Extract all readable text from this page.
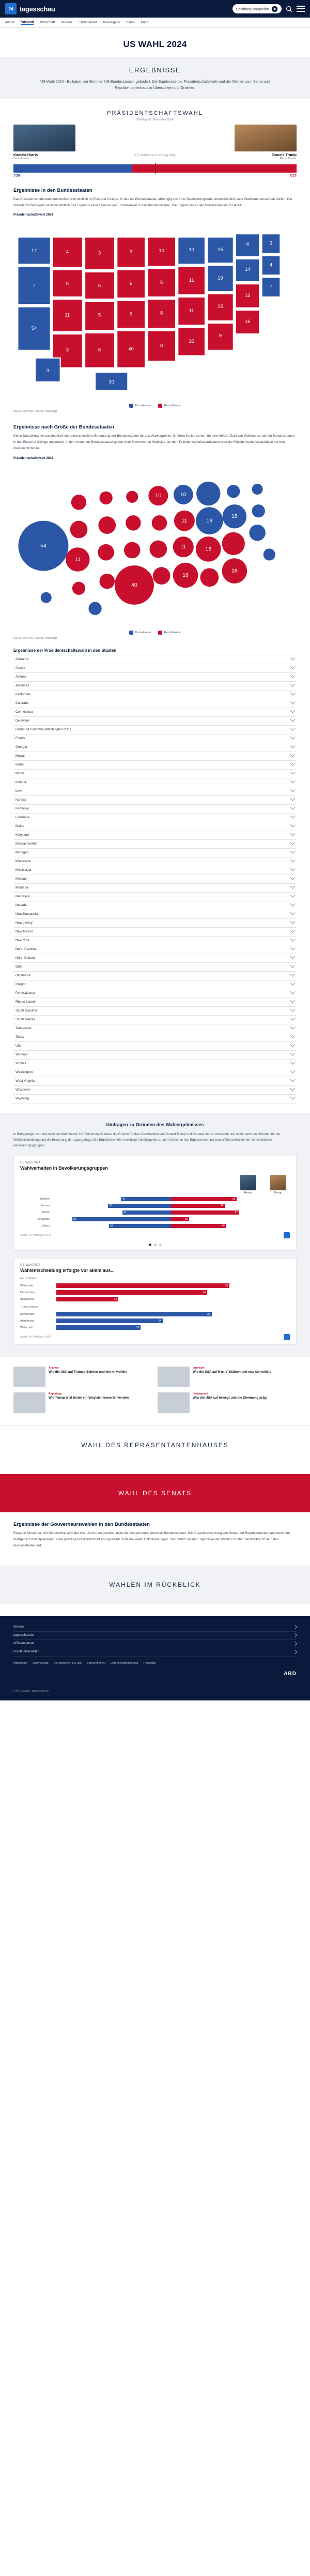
24 tagesschau	Sendung abspielen
Inland Ausland Wirtschaft Wissen Faktenfinder Investigativ Video Mehr
US WAHL 2024
ERGEBNISSE

US-Wahl 2024 - Es haben die Stimmen US-Bundesstaaten geändert. Die Ergebnisse der Präsidentschaftswahl und der Wahlen zum Senat und Repräsentantenhaus in Übersichten und Grafiken.

PRÄSIDENTSCHAFTSWAHL
Wahltag: 05. November 2024
Kamala Harris
Demokraten
270 Wahlleute zum Sieg nötig	Donald Trump
Republikaner
226	312
Ergebnisse in den Bundesstaaten

Das Präsidentschaftswahl entscheidet sich letztlich im Electoral College. In das die Bundesstaaten abhängig von ihrer Bevölkerungszahl unterschiedlich viele Wahlleute entsenden dürfen. Die Präsidentschaftswahl ist damit letztlich das Ergebnis einer Summe von Einzelwahlen in den Bundesstaaten. Die Ergebnisse in den Bundesstaaten im Detail:

Präsidentschaftswahl 2024
12
7
54
4
6
11
3
3
6
5
6
3
5
6
40
10
6
8
8
10
11
11
16
15
19
16
9
4
14
13
16
3
4
7
30
3
Demokraten	Republikaner
Quelle: AP/ARD (Stand: endgültig)
Ergebnisse nach Größe der Bundesstaaten

Diese Darstellung veranschaulicht die unterschiedliche Bedeutung der Bundesstaaten für das Wahlergebnis: Größere Kreise stehen für eine höhere Zahl von Wahlleuten, die ein Bundesstaaten in das Electoral College entsendet. In dem manchen Bundesstaaten geben viele Stimmen den Wahlsieg, an dem Präsidentschaftskandidaten oder die Präsidentschaftskandidatin mit den meisten Stimmen.

Präsidentschaftswahl 2024
54
40
19
15
16
16
16
11
11
11
10
10
Demokraten	Republikaner
Quelle: AP/ARD (Stand: endgültig)
Ergebnisse der Präsidentschaftswahl in den Staaten
Alabama
Alaska
Arizona
Arkansas
Kalifornien
Colorado
Connecticut
Delaware
District of Columbia (Washington D.C.)
Florida
Georgia
Hawaii
Idaho
Illinois
Indiana
Iowa
Kansas
Kentucky
Louisiana
Maine
Maryland
Massachusetts
Michigan
Minnesota
Mississippi
Missouri
Montana
Nebraska
Nevada
New Hampshire
New Jersey
New Mexico
New York
North Carolina
North Dakota
Ohio
Oklahoma
Oregon
Pennsylvania
Rhode Island
South Carolina
South Dakota
Tennessee
Texas
Utah
Vermont
Virginia
Washington
West Virginia
Wisconsin
Wyoming
Umfragen zu Gründen des Wahlergebnisses
In Befragungen vor und nach der Wahl haben US-Forschungsinstitute die Gründe für das Abschneiden von Donald Trump und Kamala Harris untersucht und auch nach den Gründen für die Wahlentscheidung und die Bewertung der Lage gefragt. Die Ergebnisse liefern wichtige Anhaltspunkte zu den Ursachen des Ergebnisses und zum Wählerverhalten der verschiedenen Bevölkerungsgruppen.
US-Wahl 2024
Wahlverhalten in Bevölkerungsgruppen
Harris	Trump
Männer	42	55
Frauen	53	45
Weiße	41	57
Schwarze	83	15
Latinos	52	46
Quelle: AP VoteCast / ARD
US-Wahl 2024
Wahlentscheidung erfolgte vor allem aus...
Harris-Wähler
Wirtschaft	39
Demokratie	34
Abtreibung	14
Trump-Wähler
Demokratie	35
Abtreibung	24
Wirtschaft	19
Quelle: AP VoteCast / ARD
Analyse
Wie die USA auf Trumps Stärken und wie im weltlite
Interview
Wie die USA auf Harris' Stärken und was sie weltlite
Reportage
Wie Trump jetzt hinter ein Vergleich bewertet werden
Hintergrund
Was die USA auf bewegt und die Stimmung prägt
WAHL DES REPRÄSENTANTENHAUSES
WAHL DES SENATS
Ergebnisse der Gouverneurswahlen in den Bundesstaaten

Etwa ein Drittel der 100 Senatssitze wird alle zwei Jahre neu gewählt, dazu die Gouverneure einzelner Bundesstaaten. Die Zusammensetzung von Senat und Repräsentantenhaus bestimmt maßgeblich den Spielraum für die jeweilige Präsidentschaft und gestaltet Rolle bei vielen Entscheidungen. Hier finden Sie die Ergebnisse der Wahlen um die Senatssitze 2024 in den Bundesstaaten auf.

WAHLEN IM RÜCKBLICK
Service
tagesschau.de
ARD-Angebote
Rundfunkanstalten
Impressum Datenschutz Sie wünschen Sie uns Barrierefreiheit Datenschutzerklärung Redaktion
ARD
© ARD-aktuell / tagesschau.de
